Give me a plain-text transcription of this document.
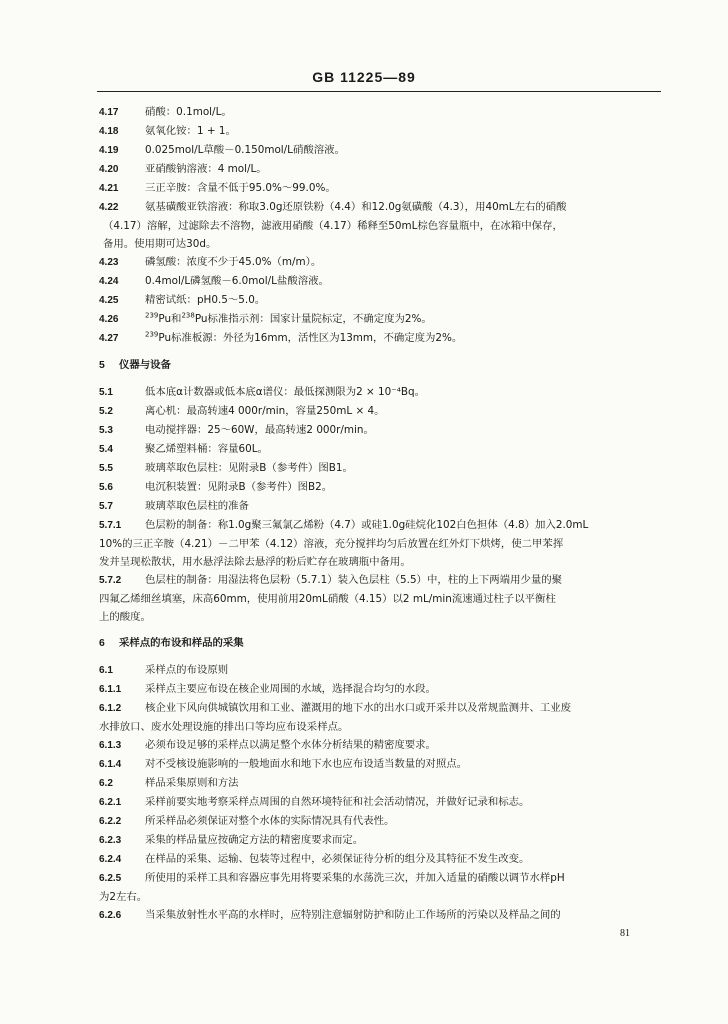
GB 11225—89

4.17	硝酸：0.1mol/L。

4.18	氨氧化铵：1 + 1。

4.19	0.025mol/L草酸－0.150mol/L硝酸溶液。

4.20	亚硝酸钠溶液：4 mol/L。

4.21	三正辛胺：含量不低于95.0%～99.0%。

4.22	氨基磺酸亚铁溶液：称取3.0g还原铁粉（4.4）和12.0g氨磺酸（4.3），用40mL左右的硝酸

（4.17）溶解，过滤除去不溶物，滤液用硝酸（4.17）稀释至50mL棕色容量瓶中，在冰箱中保存，

备用。使用期可达30d。

4.23	磷氢酸：浓度不少于45.0%（m/m）。

4.24	0.4mol/L磷氢酸－6.0mol/L盐酸溶液。

4.25	精密试纸：pH0.5～5.0。

4.26	$^{239}$Pu和$^{238}$Pu标准指示剂：国家计量院标定，不确定度为2%。

4.27	$^{239}$Pu标准板源：外径为16mm，活性区为13mm，不确定度为2%。

5 仪器与设备

5.1	低本底α计数器或低本底α谱仪：最低探测限为2 × 10⁻⁴Bq。

5.2	离心机：最高转速4 000r/min，容量250mL × 4。

5.3	电动搅拌器：25～60W，最高转速2 000r/min。

5.4	聚乙烯塑料桶：容量60L。

5.5	玻璃萃取色层柱：见附录B（参考件）图B1。

5.6	电沉积装置：见附录B（参考件）图B2。

5.7	玻璃萃取色层柱的准备

5.7.1 色层粉的制备：称1.0g聚三氟氯乙烯粉（4.7）或硅1.0g硅烷化102白色担体（4.8）加入2.0mL

10%的三正辛胺（4.21）－二甲苯（4.12）溶液，充分搅拌均匀后放置在红外灯下烘烤，使二甲苯挥

发并呈现松散状，用水悬浮法除去悬浮的粉后贮存在玻璃瓶中备用。

5.7.2 色层柱的制备：用湿法将色层粉（5.7.1）装入色层柱（5.5）中，柱的上下两端用少量的聚

四氟乙烯细丝填塞，床高60mm，使用前用20mL硝酸（4.15）以2 mL/min流速通过柱子以平衡柱

上的酸度。

6 采样点的布设和样品的采集

6.1	采样点的布设原则

6.1.1 采样点主要应布设在核企业周围的水域，选择混合均匀的水段。

6.1.2 核企业下风向供城镇饮用和工业、灌溉用的地下水的出水口或开采井以及常规监测井、工业废

水排放口、废水处理设施的排出口等均应布设采样点。

6.1.3 必须布设足够的采样点以满足整个水体分析结果的精密度要求。

6.1.4 对不受核设施影响的一般地面水和地下水也应布设适当数量的对照点。

6.2	样品采集原则和方法

6.2.1 采样前要实地考察采样点周围的自然环境特征和社会活动情况，并做好记录和标志。

6.2.2 所采样品必须保证对整个水体的实际情况具有代表性。

6.2.3 采集的样品量应按确定方法的精密度要求而定。

6.2.4 在样品的采集、运输、包装等过程中，必须保证待分析的组分及其特征不发生改变。

6.2.5 所使用的采样工具和容器应事先用将要采集的水荡洗三次，并加入适量的硝酸以调节水样pH

为2左右。

6.2.6 当采集放射性水平高的水样时，应特别注意辐射防护和防止工作场所的污染以及样品之间的

81
